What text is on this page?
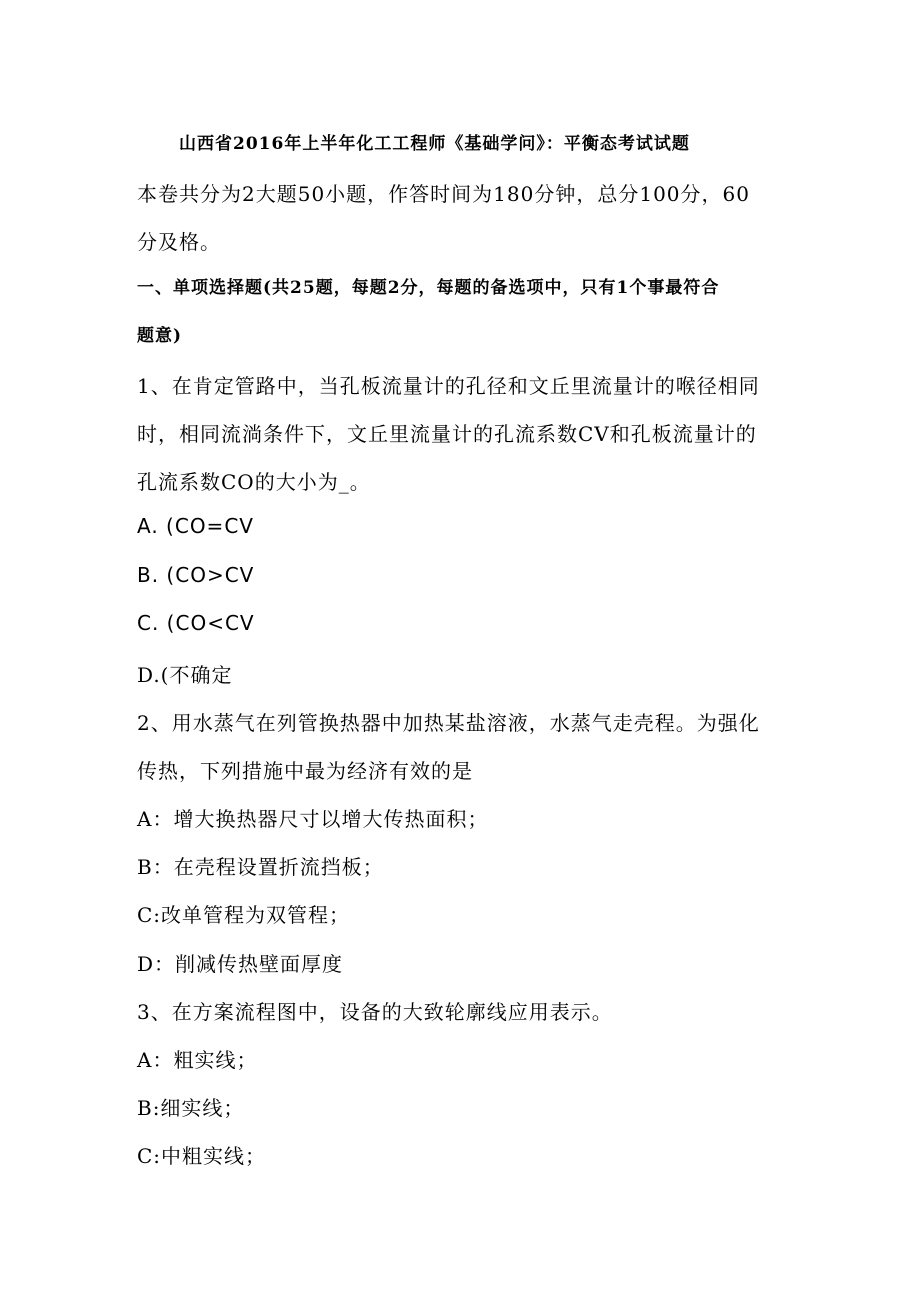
山西省2016年上半年化工工程师《基础学问》：平衡态考试试题
本卷共分为2大题50小题，作答时间为180分钟，总分100分，60
分及格。
一、单项选择题(共25题，每题2分，每题的备选项中，只有1个事最符合
题意)
1、在肯定管路中，当孔板流量计的孔径和文丘里流量计的喉径相同
时，相同流淌条件下，文丘里流量计的孔流系数CV和孔板流量计的
孔流系数CO的大小为_。
A. (CO=CV
B. (CO>CV
C. (CO<CV
D.(不确定
2、用水蒸气在列管换热器中加热某盐溶液，水蒸气走壳程。为强化
传热，下列措施中最为经济有效的是
A：增大换热器尺寸以增大传热面积；
B：在壳程设置折流挡板；
C:改单管程为双管程；
D：削减传热壁面厚度
3、在方案流程图中，设备的大致轮廓线应用表示。
A：粗实线；
B:细实线；
C:中粗实线；
